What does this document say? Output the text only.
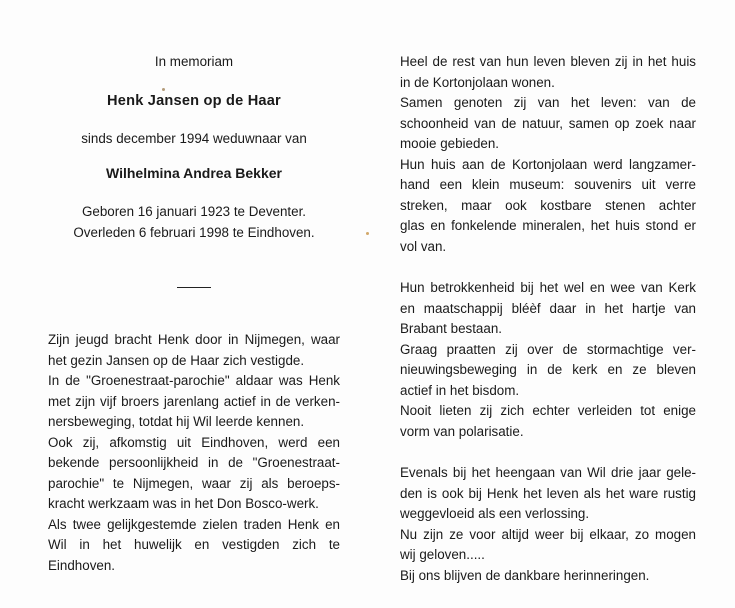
In memoriam
Henk Jansen op de Haar
sinds december 1994 weduwnaar van
Wilhelmina Andrea Bekker
Geboren 16 januari 1923 te Deventer.
Overleden 6 februari 1998 te Eindhoven.
Zijn jeugd bracht Henk door in Nijmegen, waar
het gezin Jansen op de Haar zich vestigde.
In de "Groenestraat-parochie" aldaar was Henk
met zijn vijf broers jarenlang actief in de verken-
nersbeweging, totdat hij Wil leerde kennen.
Ook zij, afkomstig uit Eindhoven, werd een
bekende persoonlijkheid in de "Groenestraat-
parochie" te Nijmegen, waar zij als beroeps-
kracht werkzaam was in het Don Bosco-werk.
Als twee gelijkgestemde zielen traden Henk en
Wil in het huwelijk en vestigden zich te
Eindhoven.
Heel de rest van hun leven bleven zij in het huis
in de Kortonjolaan wonen.
Samen genoten zij van het leven: van de
schoonheid van de natuur, samen op zoek naar
mooie gebieden.
Hun huis aan de Kortonjolaan werd langzamer-
hand een klein museum: souvenirs uit verre
streken, maar ook kostbare stenen achter
glas en fonkelende mineralen, het huis stond er
vol van.
Hun betrokkenheid bij het wel en wee van Kerk
en maatschappij bléèf daar in het hartje van
Brabant bestaan.
Graag praatten zij over de stormachtige ver-
nieuwingsbeweging in de kerk en ze bleven
actief in het bisdom.
Nooit lieten zij zich echter verleiden tot enige
vorm van polarisatie.
Evenals bij het heengaan van Wil drie jaar gele-
den is ook bij Henk het leven als het ware rustig
weggevloeid als een verlossing.
Nu zijn ze voor altijd weer bij elkaar, zo mogen
wij geloven.....
Bij ons blijven de dankbare herinneringen.
